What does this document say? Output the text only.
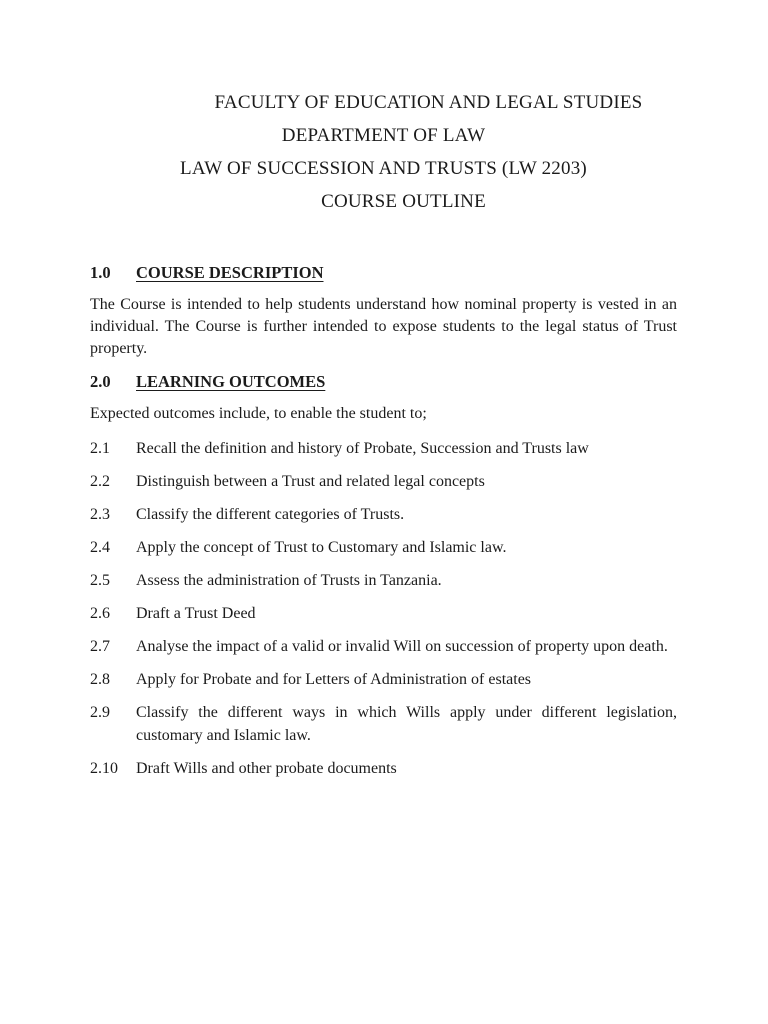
FACULTY OF EDUCATION AND LEGAL STUDIES
DEPARTMENT OF LAW
LAW OF SUCCESSION AND TRUSTS (LW 2203)
COURSE OUTLINE
1.0 COURSE DESCRIPTION

The Course is intended to help students understand how nominal property is vested in an individual. The Course is further intended to expose students to the legal status of Trust property.

2.0 LEARNING OUTCOMES

Expected outcomes include, to enable the student to;

2.1 Recall the definition and history of Probate, Succession and Trusts law
2.2 Distinguish between a Trust and related legal concepts
2.3 Classify the different categories of Trusts.
2.4 Apply the concept of Trust to Customary and Islamic law.
2.5 Assess the administration of Trusts in Tanzania.
2.6 Draft a Trust Deed
2.7 Analyse the impact of a valid or invalid Will on succession of property upon death.
2.8 Apply for Probate and for Letters of Administration of estates
2.9 Classify the different ways in which Wills apply under different legislation, customary and Islamic law.
2.10 Draft Wills and other probate documents
